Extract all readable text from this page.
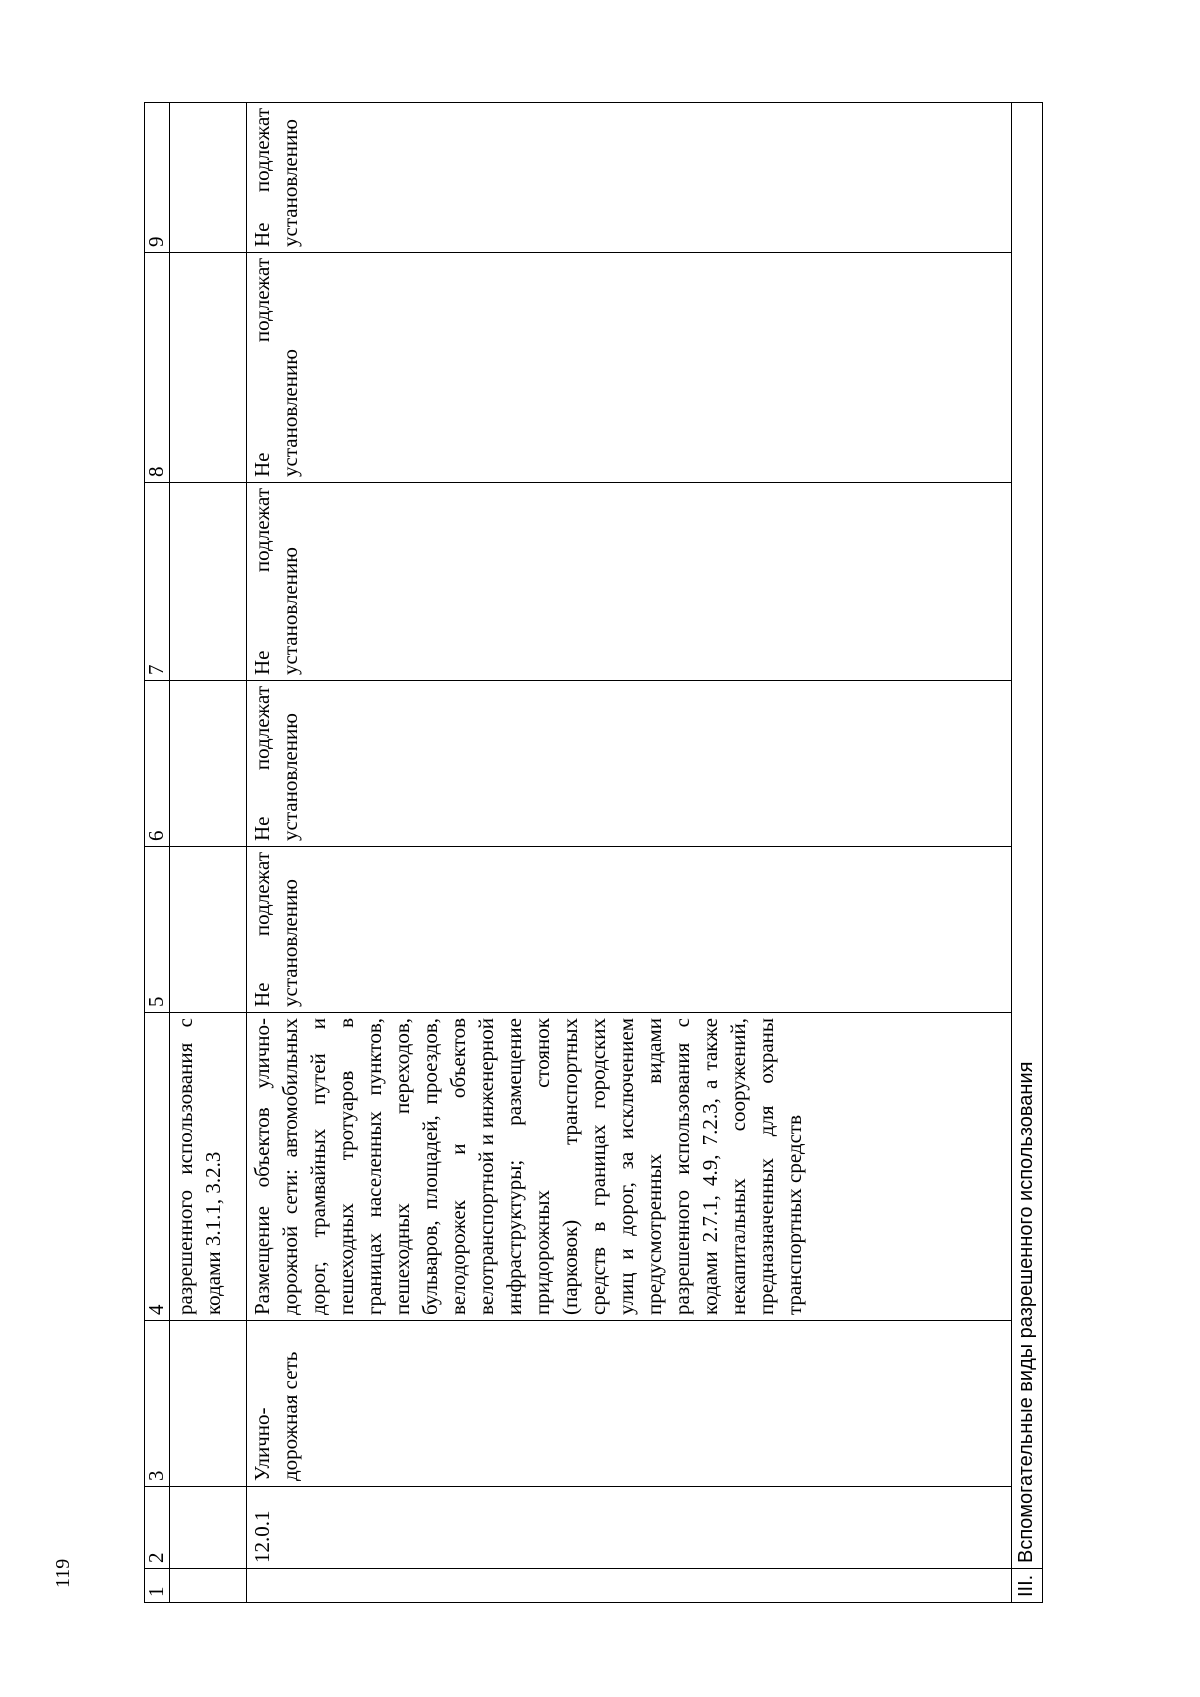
119
1	2	3	4	5	6	7	8	9
			разрешенного использования с кодами 3.1.1, 3.2.3					
	12.0.1	Улично-дорожная сеть	Размещение объектов улично-дорожной сети: автомобильных дорог, трамвайных путей и пешеходных тротуаров в границах населенных пунктов, пешеходных переходов, бульваров, площадей, проездов, велодорожек и объектов велотранспортной и инженерной инфраструктуры; размещение придорожных стоянок (парковок) транспортных средств в границах городских улиц и дорог, за исключением предусмотренных видами разрешенного использования с кодами 2.7.1, 4.9, 7.2.3, а также некапитальных сооружений, предназначенных для охраны транспортных средств	Не подлежат установлению	Не подлежат установлению	Не подлежат установлению	Не подлежат установлению	Не подлежат установлению
III.	Вспомогательные виды разрешенного использования							
